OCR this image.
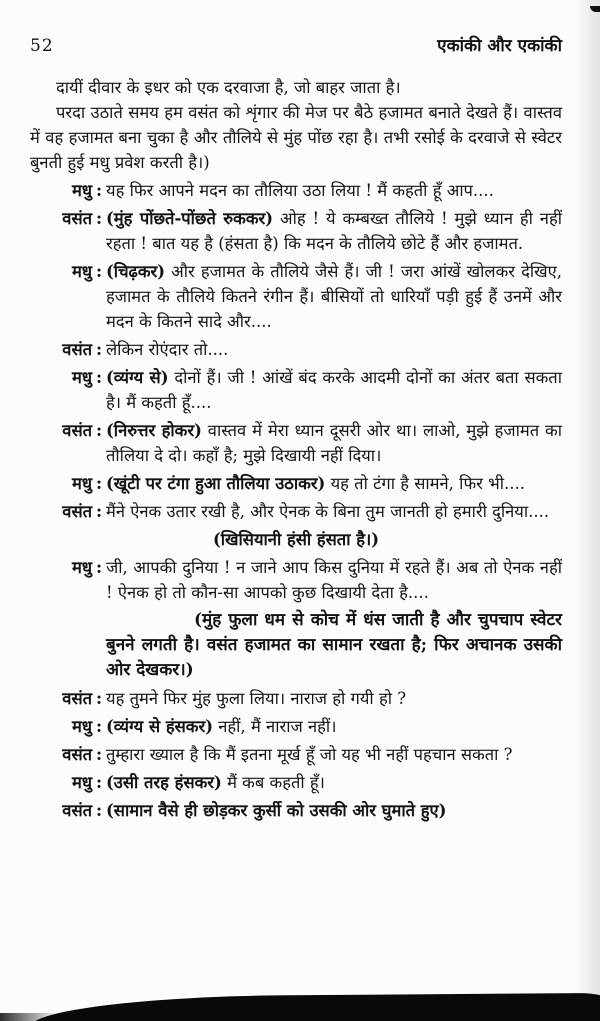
52	एकांकी और एकांकी

दायीं दीवार के इधर को एक दरवाजा है, जो बाहर जाता है।

परदा उठाते समय हम वसंत को शृंगार की मेज पर बैठे हजामत बनाते देखते हैं। वास्तव में वह हजामत बना चुका है और तौलिये से मुंह पोंछ रहा है। तभी रसोई के दरवाजे से स्वेटर बुनती हुई मधु प्रवेश करती है।)

मधु : यह फिर आपने मदन का तौलिया उठा लिया ! मैं कहती हूँ आप....
वसंत : (मुंह पोंछते-पोंछते रुककर) ओह ! ये कम्बख्त तौलिये ! मुझे ध्यान ही नहीं रहता ! बात यह है (हंसता है) कि मदन के तौलिये छोटे हैं और हजामत.
मधु : (चिढ़कर) और हजामत के तौलिये जैसे हैं। जी ! जरा आंखें खोलकर देखिए, हजामत के तौलिये कितने रंगीन हैं। बीसियों तो धारियाँ पड़ी हुई हैं उनमें और मदन के कितने सादे और....
वसंत : लेकिन रोएंदार तो....
मधु : (व्यंग्य से) दोनों हैं। जी ! आंखें बंद करके आदमी दोनों का अंतर बता सकता है। मैं कहती हूँ....
वसंत : (निरुत्तर होकर) वास्तव में मेरा ध्यान दूसरी ओर था। लाओ, मुझे हजामत का तौलिया दे दो। कहाँ है; मुझे दिखायी नहीं दिया।
मधु : (खूंटी पर टंगा हुआ तौलिया उठाकर) यह तो टंगा है सामने, फिर भी....
वसंत : मैंने ऐनक उतार रखी है, और ऐनक के बिना तुम जानती हो हमारी दुनिया....
(खिसियानी हंसी हंसता है।)
मधु : जी, आपकी दुनिया ! न जाने आप किस दुनिया में रहते हैं। अब तो ऐनक नहीं ! ऐनक हो तो कौन-सा आपको कुछ दिखायी देता है....
(मुंह फुला धम से कोच में धंस जाती है और चुपचाप स्वेटर बुनने लगती है। वसंत हजामत का सामान रखता है; फिर अचानक उसकी ओर देखकर।)
वसंत : यह तुमने फिर मुंह फुला लिया। नाराज हो गयी हो ?
मधु : (व्यंग्य से हंसकर) नहीं, मैं नाराज नहीं।
वसंत : तुम्हारा ख्याल है कि मैं इतना मूर्ख हूँ जो यह भी नहीं पहचान सकता ?
मधु : (उसी तरह हंसकर) मैं कब कहती हूँ।
वसंत : (सामान वैसे ही छोड़कर कुर्सी को उसकी ओर घुमाते हुए)
